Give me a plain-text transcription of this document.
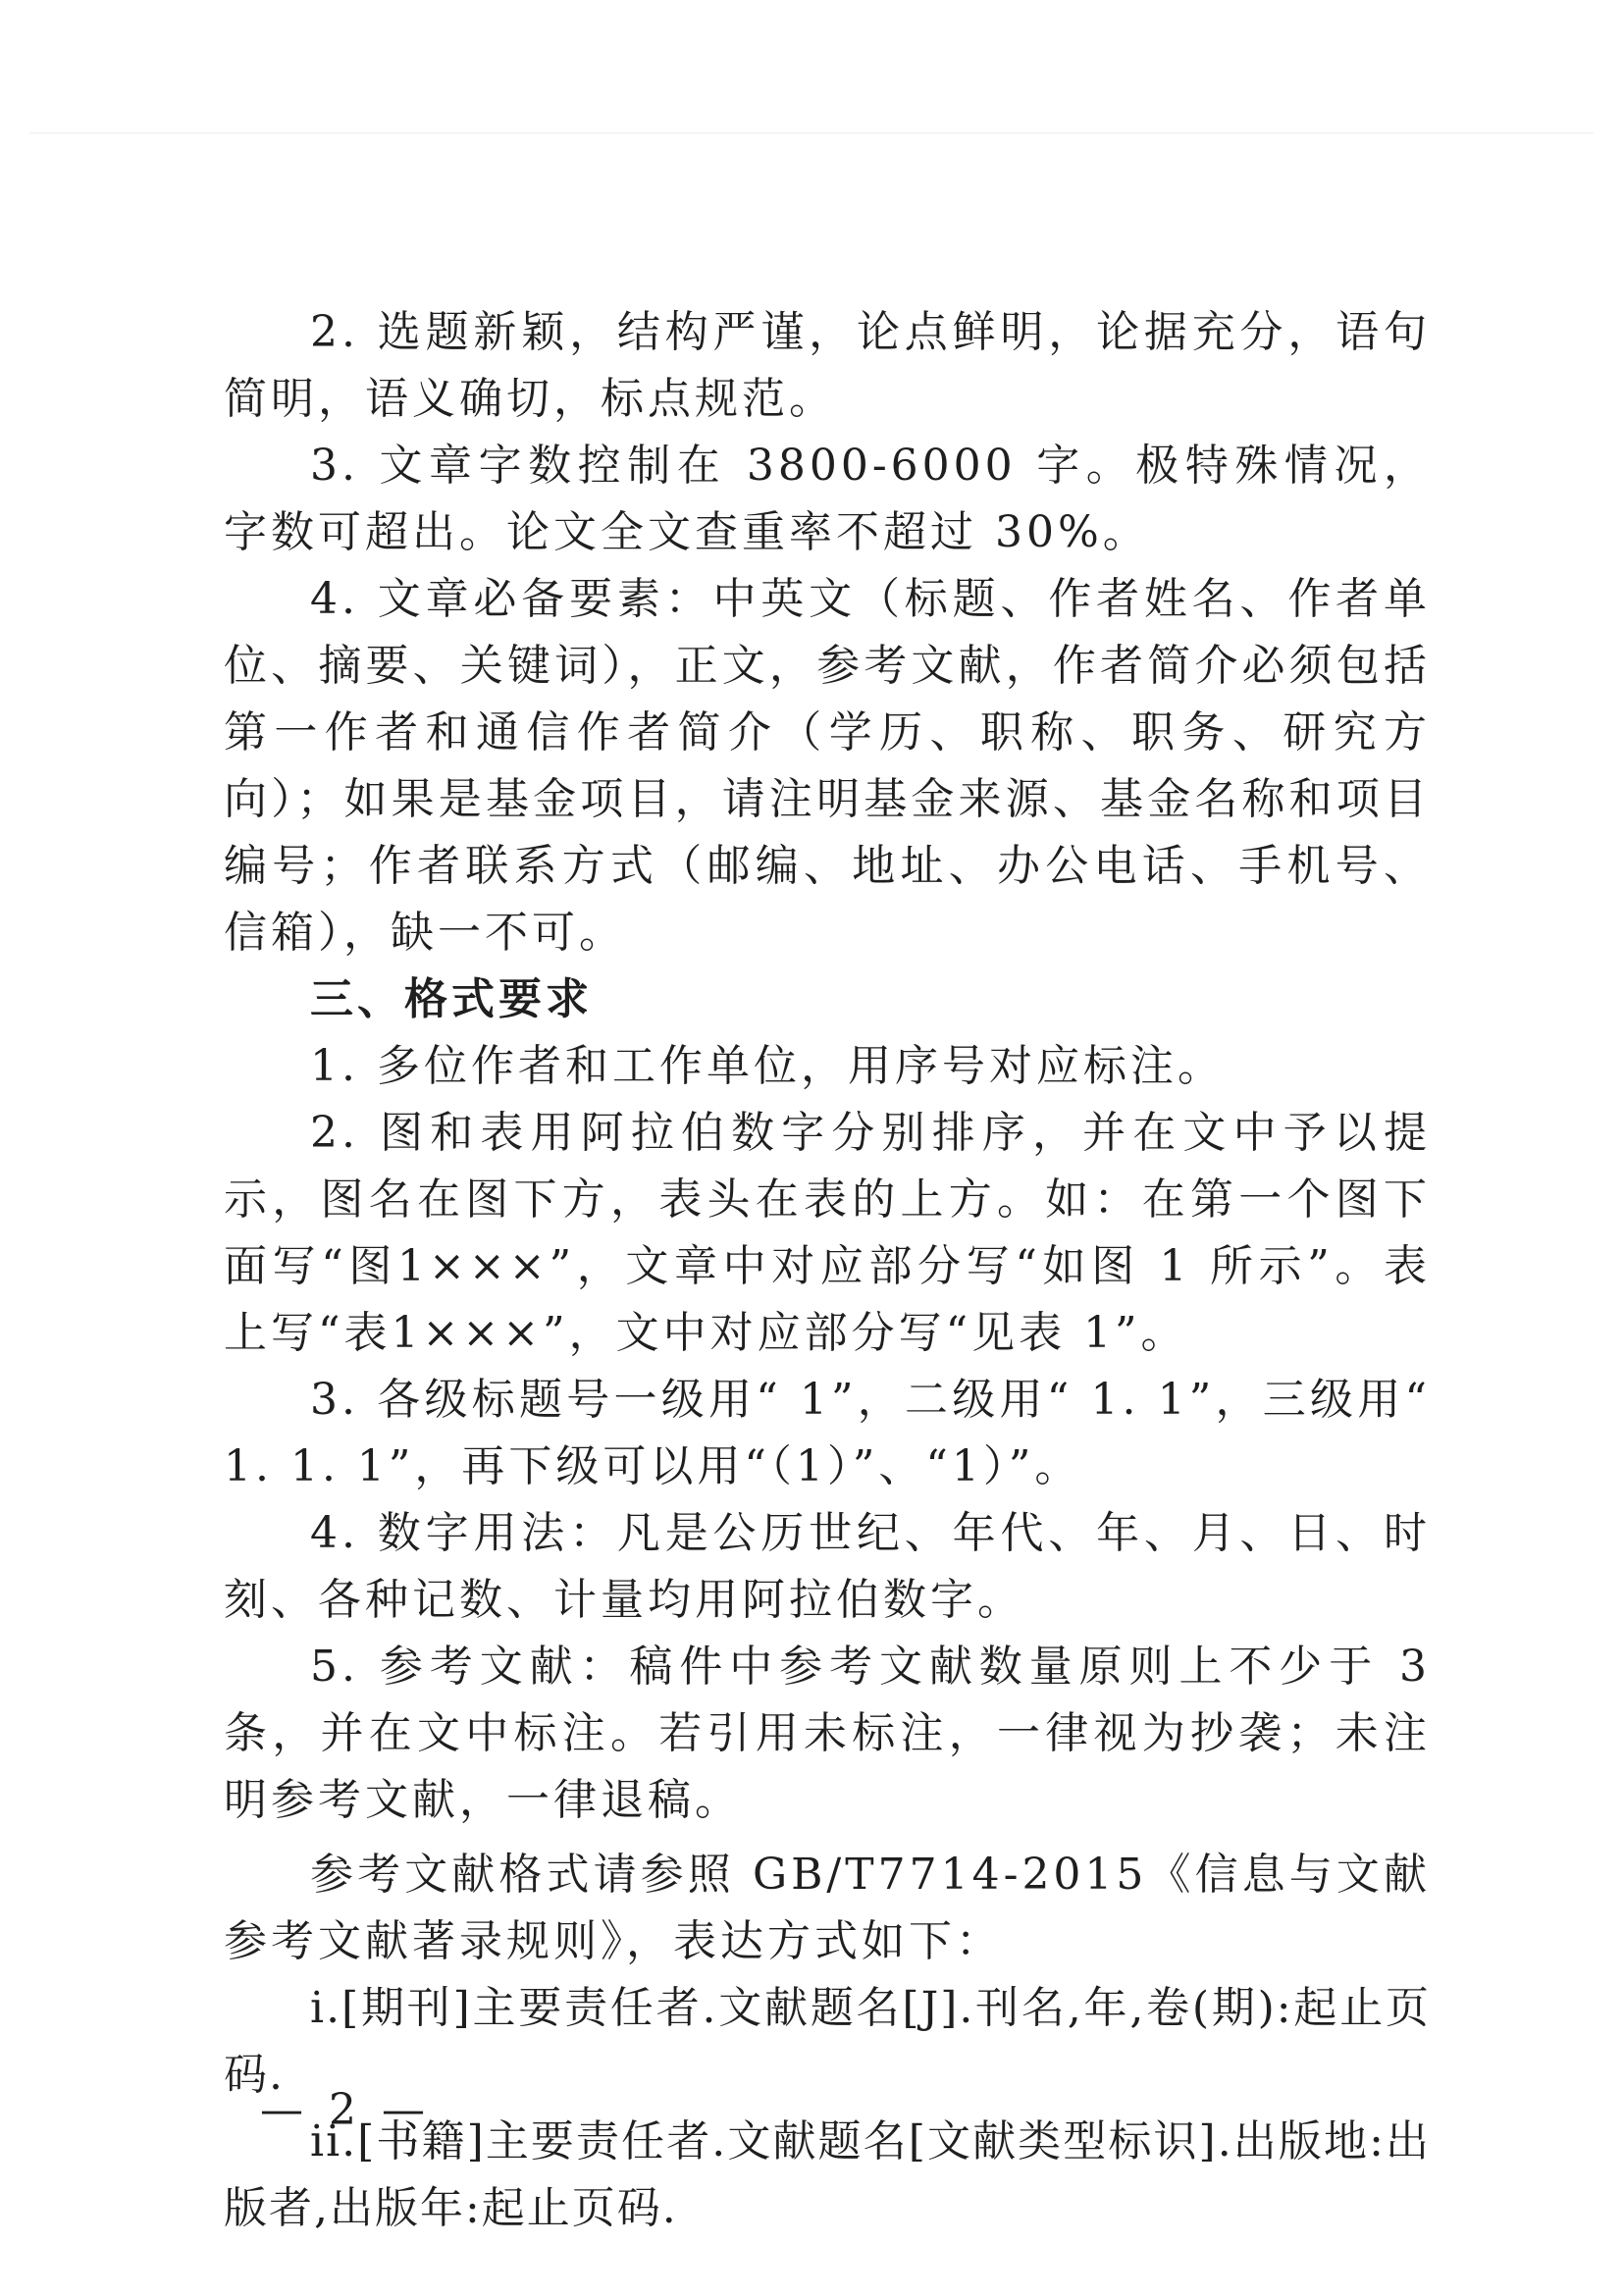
2. 选题新颖，结构严谨，论点鲜明，论据充分，语句简明，语义确切，标点规范。

3. 文章字数控制在 3800-6000 字。极特殊情况，字数可超出。论文全文查重率不超过 30%。

4. 文章必备要素：中英文（标题、作者姓名、作者单位、摘要、关键词），正文，参考文献，作者简介必须包括第一作者和通信作者简介（学历、职称、职务、研究方向）；如果是基金项目，请注明基金来源、基金名称和项目编号；作者联系方式（邮编、地址、办公电话、手机号、信箱），缺一不可。

三、格式要求

1. 多位作者和工作单位，用序号对应标注。

2. 图和表用阿拉伯数字分别排序，并在文中予以提示，图名在图下方，表头在表的上方。如：在第一个图下面写“图1×××”，文章中对应部分写“如图 1 所示”。表上写“表1×××”，文中对应部分写“见表 1”。

3. 各级标题号一级用“ 1”，二级用“ 1. 1”，三级用“ 1. 1. 1”，再下级可以用“（1）”、“1）”。

4. 数字用法：凡是公历世纪、年代、年、月、日、时刻、各种记数、计量均用阿拉伯数字。

5. 参考文献：稿件中参考文献数量原则上不少于 3 条，并在文中标注。若引用未标注，一律视为抄袭；未注明参考文献，一律退稿。

参考文献格式请参照 GB/T7714-2015《信息与文献参考文献著录规则》，表达方式如下：

i.[期刊]主要责任者.文献题名[J].刊名,年,卷(期):起止页码.

ii.[书籍]主要责任者.文献题名[文献类型标识].出版地:出版者,出版年:起止页码.

— 2 —
